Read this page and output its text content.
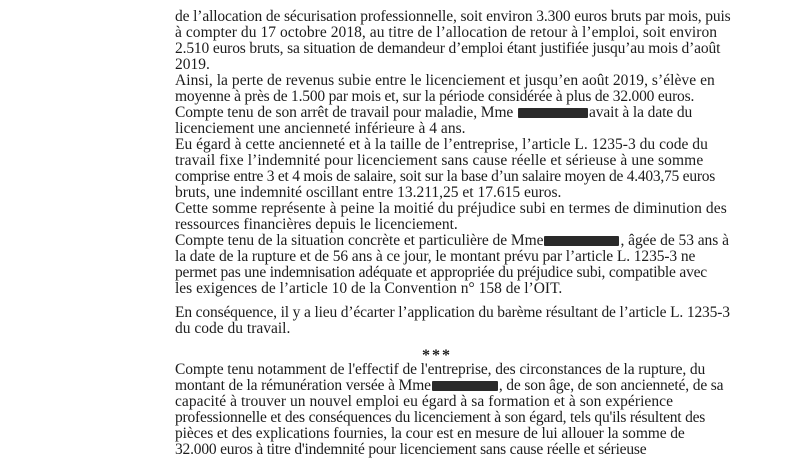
de l’allocation de sécurisation professionnelle, soit environ 3.300 euros bruts par mois, puis

à compter du 17 octobre 2018, au titre de l’allocation de retour à l’emploi, soit environ

2.510 euros bruts, sa situation de demandeur d’emploi étant justifiée jusqu’au mois d’août

2019.

Ainsi, la perte de revenus subie entre le licenciement et jusqu’en août 2019, s’élève en

moyenne à près de 1.500 par mois et, sur la période considérée à plus de 32.000 euros.

Compte tenu de son arrêt de travail pour maladie, Mme	avait à la date du

licenciement une ancienneté inférieure à 4 ans.

Eu égard à cette ancienneté et à la taille de l’entreprise, l’article L. 1235-3 du code du

travail fixe l’indemnité pour licenciement sans cause réelle et sérieuse à une somme

comprise entre 3 et 4 mois de salaire, soit sur la base d’un salaire moyen de 4.403,75 euros

bruts, une indemnité oscillant entre 13.211,25 et 17.615 euros.

Cette somme représente à peine la moitié du préjudice subi en termes de diminution des

ressources financières depuis le licenciement.

Compte tenu de la situation concrète et particulière de Mme	, âgée de 53 ans à

la date de la rupture et de 56 ans à ce jour, le montant prévu par l’article L. 1235-3 ne

permet pas une indemnisation adéquate et appropriée du préjudice subi, compatible avec

les exigences de l’article 10 de la Convention n° 158 de l’OIT.

En conséquence, il y a lieu d’écarter l’application du barème résultant de l’article L. 1235-3

du code du travail.

***

Compte tenu notamment de l'effectif de l'entreprise, des circonstances de la rupture, du

montant de la rémunération versée à Mme	, de son âge, de son ancienneté, de sa

capacité à trouver un nouvel emploi eu égard à sa formation et à son expérience

professionnelle et des conséquences du licenciement à son égard, tels qu'ils résultent des

pièces et des explications fournies, la cour est en mesure de lui allouer la somme de

32.000 euros à titre d'indemnité pour licenciement sans cause réelle et sérieuse
